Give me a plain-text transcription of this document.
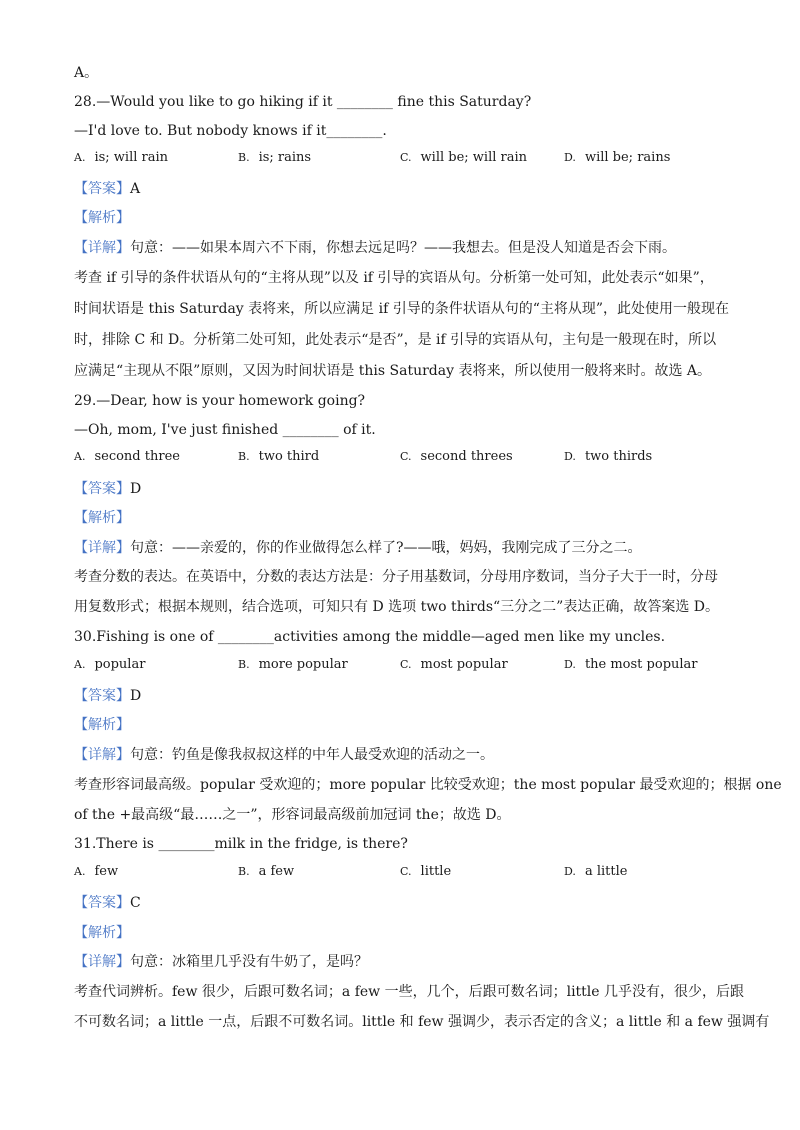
A。
28.—Would you like to go hiking if it ________ fine this Saturday?
—I'd love to. But nobody knows if it________.
A. is; will rain	B. is; rains	C. will be; will rain	D. will be; rains
【答案】A
【解析】
【详解】句意：——如果本周六不下雨，你想去远足吗？——我想去。但是没人知道是否会下雨。
考查 if 引导的条件状语从句的“主将从现”以及 if 引导的宾语从句。分析第一处可知，此处表示“如果”，
时间状语是 this Saturday 表将来，所以应满足 if 引导的条件状语从句的“主将从现”，此处使用一般现在
时，排除 C 和 D。分析第二处可知，此处表示“是否”，是 if 引导的宾语从句，主句是一般现在时，所以
应满足“主现从不限”原则，又因为时间状语是 this Saturday 表将来，所以使用一般将来时。故选 A。
29.—Dear, how is your homework going?
—Oh, mom, I've just finished ________ of it.
A. second three	B. two third	C. second threes	D. two thirds
【答案】D
【解析】
【详解】句意：——亲爱的，你的作业做得怎么样了?——哦，妈妈，我刚完成了三分之二。
考查分数的表达。在英语中，分数的表达方法是：分子用基数词，分母用序数词，当分子大于一时，分母
用复数形式；根据本规则，结合选项，可知只有 D 选项 two thirds“三分之二”表达正确，故答案选 D。
30.Fishing is one of ________activities among the middle—aged men like my uncles.
A. popular	B. more popular	C. most popular	D. the most popular
【答案】D
【解析】
【详解】句意：钓鱼是像我叔叔这样的中年人最受欢迎的活动之一。
考查形容词最高级。popular 受欢迎的；more popular 比较受欢迎；the most popular 最受欢迎的；根据 one
of the +最高级“最……之一”，形容词最高级前加冠词 the；故选 D。
31.There is ________milk in the fridge, is there?
A. few	B. a few	C. little	D. a little
【答案】C
【解析】
【详解】句意：冰箱里几乎没有牛奶了，是吗？
考查代词辨析。few 很少，后跟可数名词；a few 一些，几个，后跟可数名词；little 几乎没有，很少，后跟
不可数名词；a little 一点，后跟不可数名词。little 和 few 强调少，表示否定的含义；a little 和 a few 强调有
